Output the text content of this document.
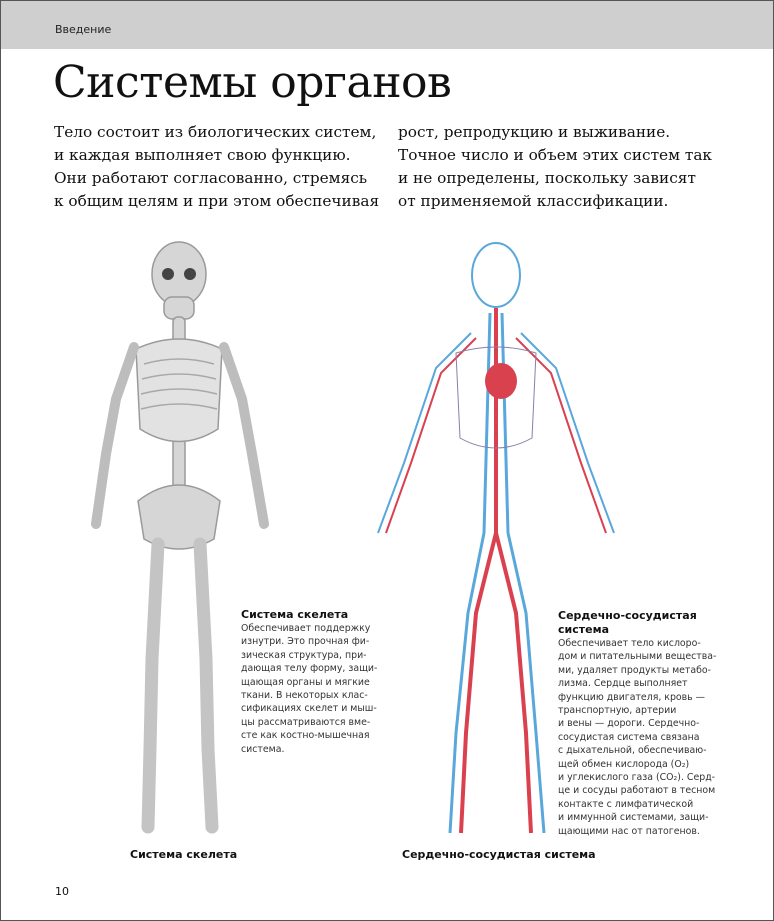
Введение
Системы органов
Тело состоит из биологических систем,
и каждая выполняет свою функцию.
Они работают согласованно, стремясь
к общим целям и при этом обеспечивая
рост, репродукцию и выживание.
Точное число и объем этих систем так
и не определены, поскольку зависят
от применяемой классификации.
Система скелета
Обеспечивает поддержку
изнутри. Это прочная фи-
зическая структура, при-
дающая телу форму, защи-
щающая органы и мягкие
ткани. В некоторых клас-
сификациях скелет и мыш-
цы рассматриваются вме-
сте как костно-мышечная
система.
Сердечно-сосудистая
система
Обеспечивает тело кислоро-
дом и питательными вещества-
ми, удаляет продукты метабо-
лизма. Сердце выполняет
функцию двигателя, кровь —
транспортную, артерии
и вены — дороги. Сердечно-
сосудистая система связана
с дыхательной, обеспечиваю-
щей обмен кислорода (O₂)
и углекислого газа (CO₂). Серд-
це и сосуды работают в тесном
контакте с лимфатической
и иммунной системами, защи-
щающими нас от патогенов.
Система скелета	Сердечно-сосудистая система
10
